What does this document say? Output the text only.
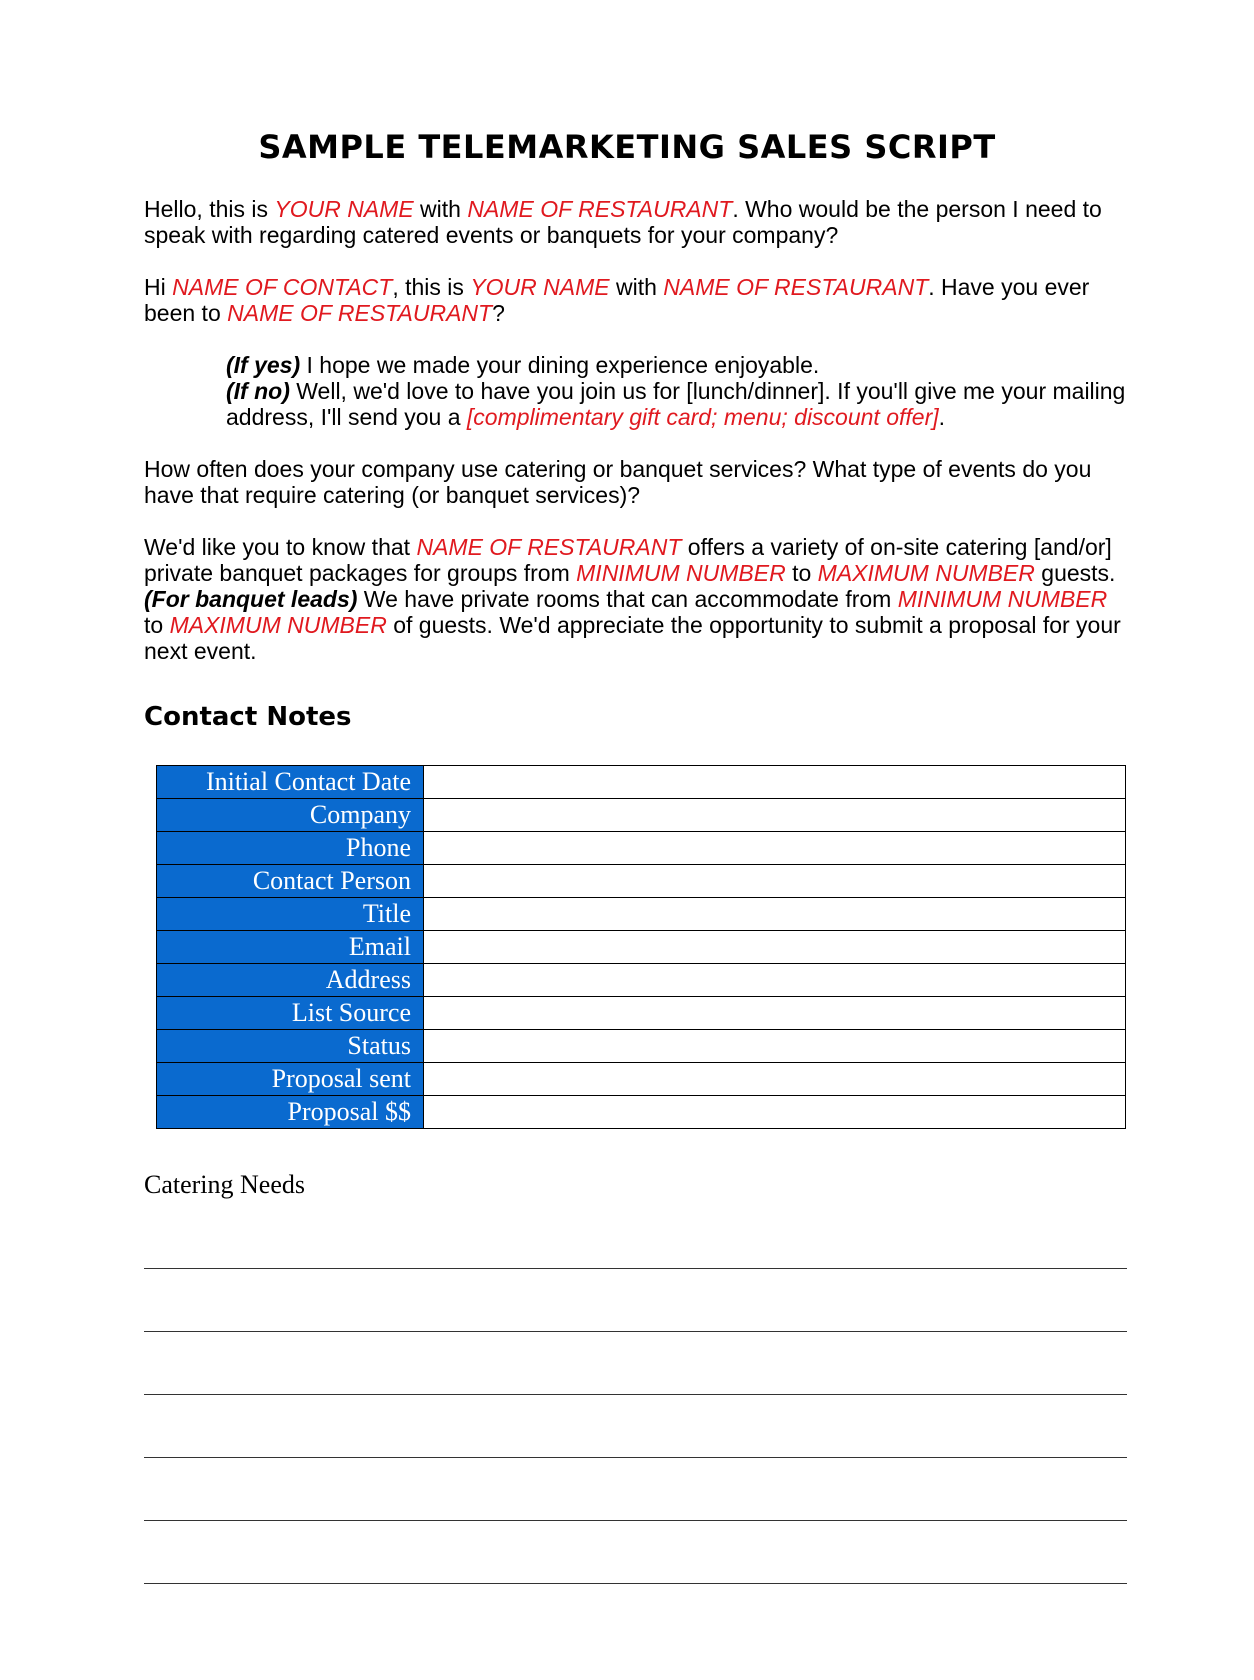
SAMPLE TELEMARKETING SALES SCRIPT
Hello, this is YOUR NAME with NAME OF RESTAURANT. Who would be the person I need to speak with regarding catered events or banquets for your company?
Hi NAME OF CONTACT, this is YOUR NAME with NAME OF RESTAURANT. Have you ever been to NAME OF RESTAURANT?
(If yes) I hope we made your dining experience enjoyable.
(If no) Well, we'd love to have you join us for [lunch/dinner]. If you'll give me your mailing address, I'll send you a [complimentary gift card; menu; discount offer].
How often does your company use catering or banquet services? What type of events do you have that require catering (or banquet services)?
We'd like you to know that NAME OF RESTAURANT offers a variety of on-site catering [and/or] private banquet packages for groups from MINIMUM NUMBER to MAXIMUM NUMBER guests. (For banquet leads) We have private rooms that can accommodate from MINIMUM NUMBER to MAXIMUM NUMBER of guests. We'd appreciate the opportunity to submit a proposal for your next event.
Contact Notes
Initial Contact Date	
Company	
Phone	
Contact Person	
Title	
Email	
Address	
List Source	
Status	
Proposal sent	
Proposal $$	
Catering Needs
